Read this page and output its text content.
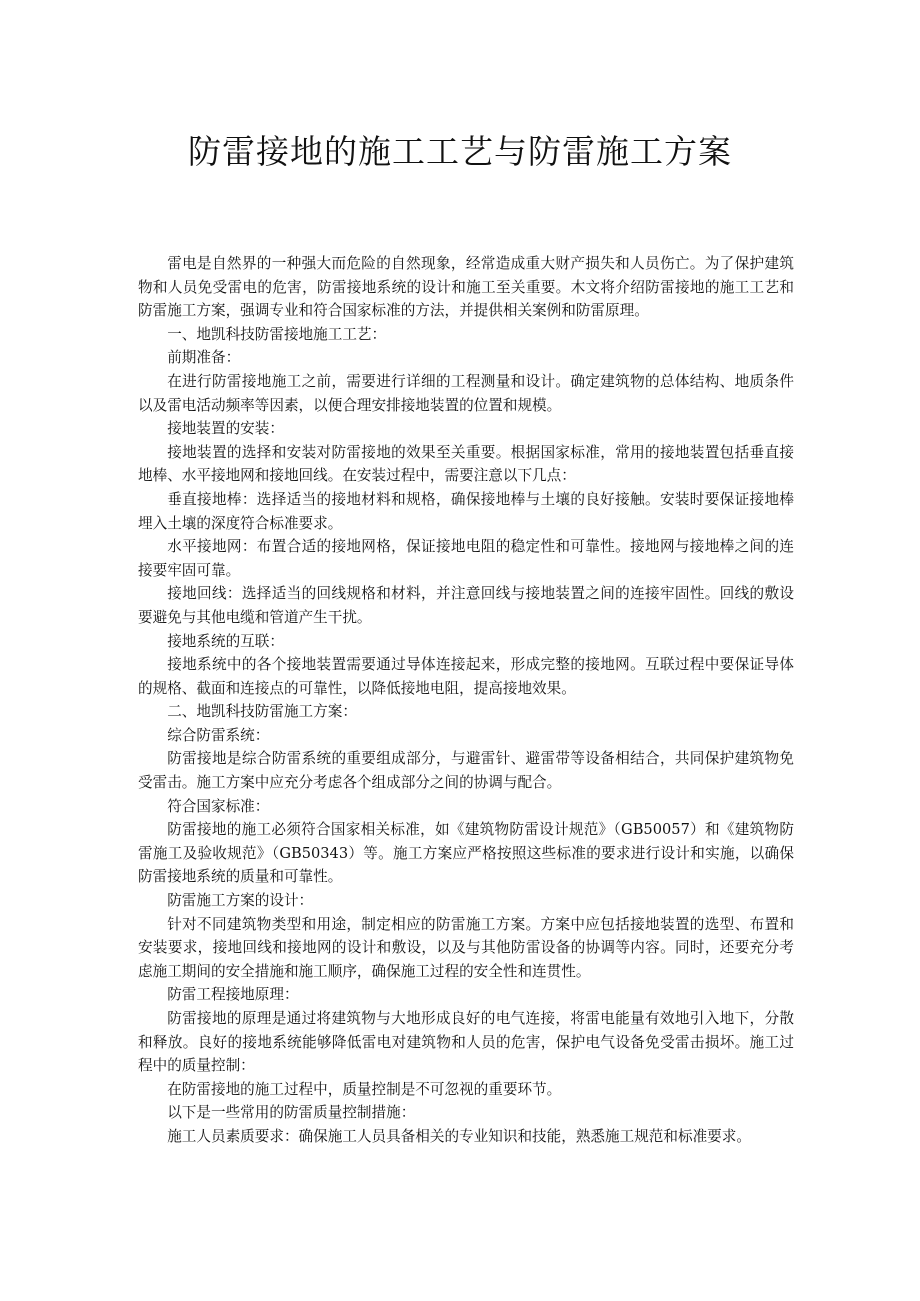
防雷接地的施工工艺与防雷施工方案

雷电是自然界的一种强大而危险的自然现象，经常造成重大财产损失和人员伤亡。为了保护建筑物和人员免受雷电的危害，防雷接地系统的设计和施工至关重要。木文将介绍防雷接地的施工工艺和防雷施工方案，强调专业和符合国家标准的方法，并提供相关案例和防雷原理。

一、地凯科技防雷接地施工工艺：

前期准备：

在进行防雷接地施工之前，需要进行详细的工程测量和设计。确定建筑物的总体结构、地质条件以及雷电活动频率等因素，以便合理安排接地装置的位置和规模。

接地装置的安装：

接地装置的选择和安装对防雷接地的效果至关重要。根据国家标准，常用的接地装置包括垂直接地棒、水平接地网和接地回线。在安装过程中，需要注意以下几点：

垂直接地棒：选择适当的接地材料和规格，确保接地棒与土壤的良好接触。安装时要保证接地棒埋入土壤的深度符合标准要求。

水平接地网：布置合适的接地网格，保证接地电阻的稳定性和可靠性。接地网与接地棒之间的连接要牢固可靠。

接地回线：选择适当的回线规格和材料，并注意回线与接地装置之间的连接牢固性。回线的敷设要避免与其他电缆和管道产生干扰。

接地系统的互联：

接地系统中的各个接地装置需要通过导体连接起来，形成完整的接地网。互联过程中要保证导体的规格、截面和连接点的可靠性，以降低接地电阻，提高接地效果。

二、地凯科技防雷施工方案：

综合防雷系统：

防雷接地是综合防雷系统的重要组成部分，与避雷针、避雷带等设备相结合，共同保护建筑物免受雷击。施工方案中应充分考虑各个组成部分之间的协调与配合。

符合国家标准：

防雷接地的施工必须符合国家相关标准，如《建筑物防雷设计规范》（GB50057）和《建筑物防雷施工及验收规范》（GB50343）等。施工方案应严格按照这些标准的要求进行设计和实施，以确保防雷接地系统的质量和可靠性。

防雷施工方案的设计：

针对不同建筑物类型和用途，制定相应的防雷施工方案。方案中应包括接地装置的选型、布置和安装要求，接地回线和接地网的设计和敷设，以及与其他防雷设备的协调等内容。同时，还要充分考虑施工期间的安全措施和施工顺序，确保施工过程的安全性和连贯性。

防雷工程接地原理：

防雷接地的原理是通过将建筑物与大地形成良好的电气连接，将雷电能量有效地引入地下，分散和释放。良好的接地系统能够降低雷电对建筑物和人员的危害，保护电气设备免受雷击损坏。施工过程中的质量控制：

在防雷接地的施工过程中，质量控制是不可忽视的重要环节。

以下是一些常用的防雷质量控制措施：

施工人员素质要求：确保施工人员具备相关的专业知识和技能，熟悉施工规范和标准要求。
